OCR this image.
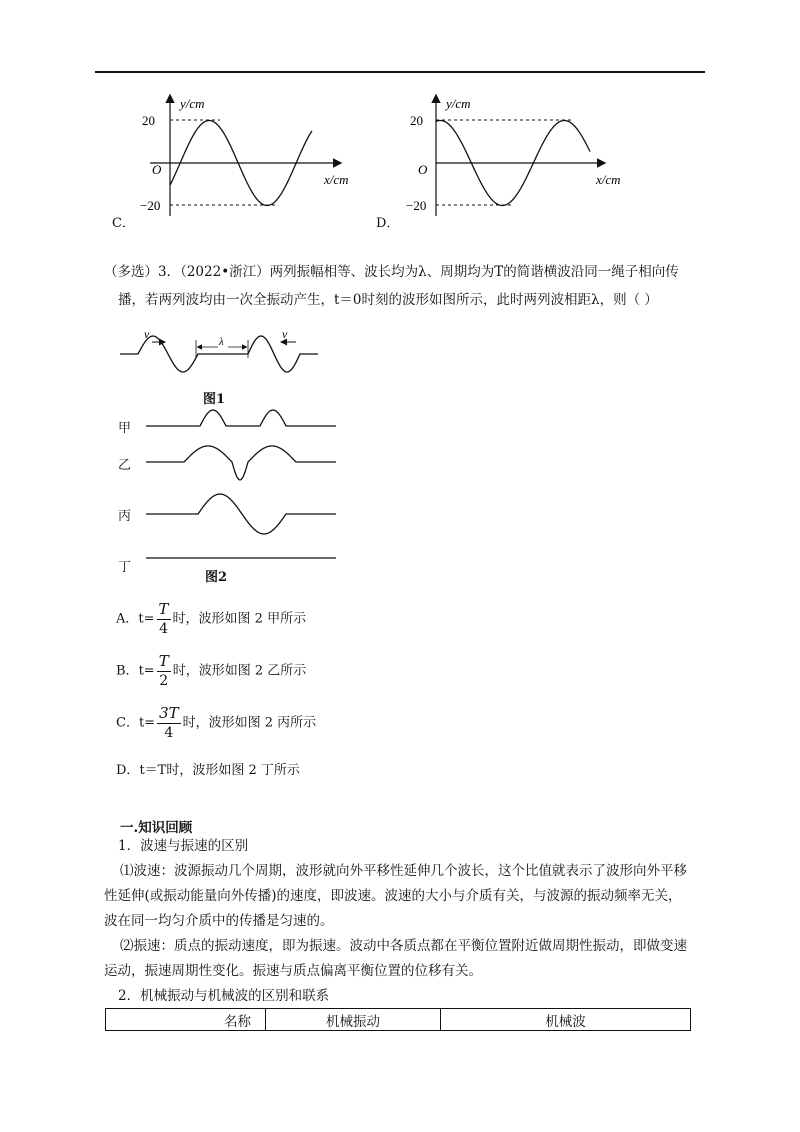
C．
y/cm
x/cm
O
20
−20
D．
y/cm
x/cm
O
20
−20
（多选）3．（2022•浙江）两列振幅相等、波长均为λ、周期均为T的简谐横波沿同一绳子相向传
播，若两列波均由一次全振动产生，t＝0时刻的波形如图所示，此时两列波相距λ，则（ ）
v	v
λ
图1
甲
乙
丙
丁
图2
A．$t= \frac{T}{4}$ 时，波形如图 2 甲所示
B．$t= \frac{T}{2}$ 时，波形如图 2 乙所示
C．$t= \frac{3T}{4}$ 时，波形如图 2 丙所示
D．t＝T时，波形如图 2 丁所示
一.知识回顾
1．波速与振速的区别
⑴波速：波源振动几个周期，波形就向外平移性延伸几个波长，这个比值就表示了波形向外平移性延伸(或振动能量向外传播)的速度，即波速。波速的大小与介质有关，与波源的振动频率无关，波在同一均匀介质中的传播是匀速的。
⑵振速：质点的振动速度，即为振速。波动中各质点都在平衡位置附近做周期性振动，即做变速运动，振速周期性变化。振速与质点偏离平衡位置的位移有关。
2．机械振动与机械波的区别和联系
名称	机械振动	机械波
